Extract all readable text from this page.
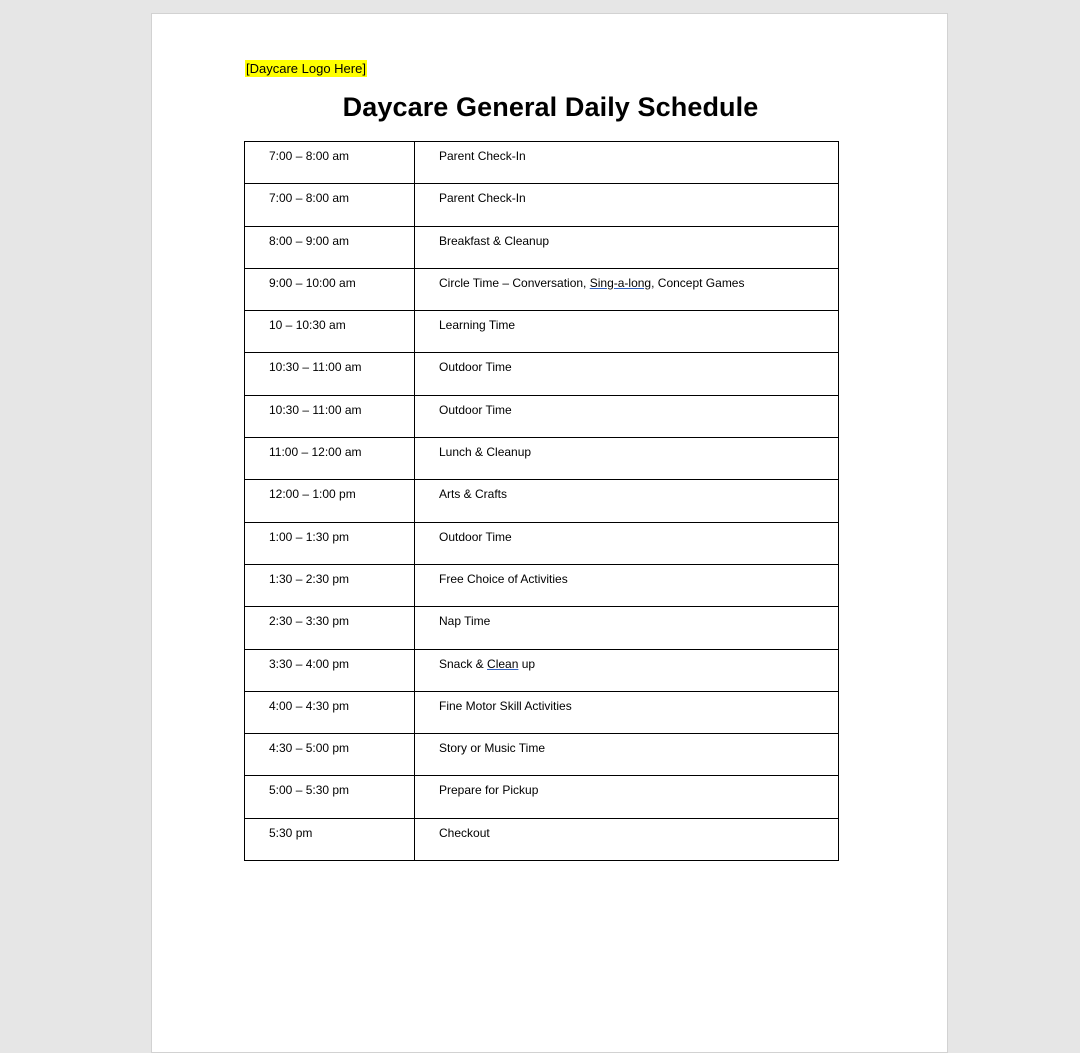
[Daycare Logo Here]
Daycare General Daily Schedule
7:00 – 8:00 am	Parent Check-In
7:00 – 8:00 am	Parent Check-In
8:00 – 9:00 am	Breakfast & Cleanup
9:00 – 10:00 am	Circle Time – Conversation, Sing-a-long, Concept Games
10 – 10:30 am	Learning Time
10:30 – 11:00 am	Outdoor Time
10:30 – 11:00 am	Outdoor Time
11:00 – 12:00 am	Lunch & Cleanup
12:00 – 1:00 pm	Arts & Crafts
1:00 – 1:30 pm	Outdoor Time
1:30 – 2:30 pm	Free Choice of Activities
2:30 – 3:30 pm	Nap Time
3:30 – 4:00 pm	Snack & Clean up
4:00 – 4:30 pm	Fine Motor Skill Activities
4:30 – 5:00 pm	Story or Music Time
5:00 – 5:30 pm	Prepare for Pickup
5:30 pm	Checkout
